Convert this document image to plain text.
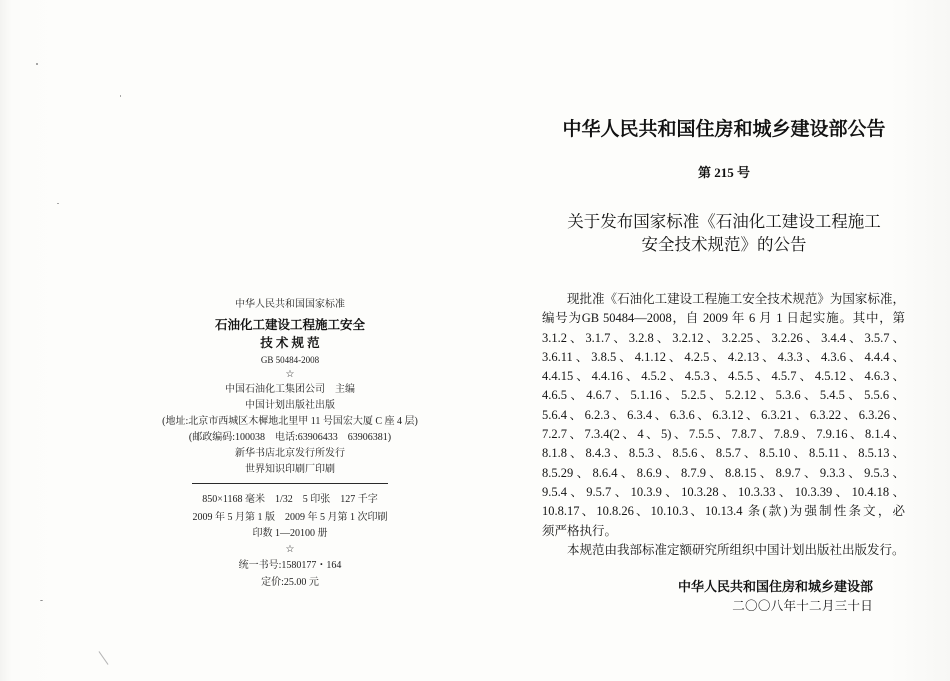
中华人民共和国国家标准
石油化工建设工程施工安全
技 术 规 范
GB 50484-2008
☆
中国石油化工集团公司　主编
中国计划出版社出版
(地址:北京市西城区木樨地北里甲 11 号国宏大厦 C 座 4 层)
(邮政编码:100038　电话:63906433　63906381)
新华书店北京发行所发行
世界知识印刷厂印刷
850×1168 毫米　1/32　5 印张　127 千字
2009 年 5 月第 1 版　2009 年 5 月第 1 次印刷
印数 1—20100 册
☆
统一书号:1580177・164
定价:25.00 元
中华人民共和国住房和城乡建设部公告
第 215 号
关于发布国家标准《石油化工建设工程施工
安全技术规范》的公告
现批准《石油化工建设工程施工安全技术规范》为国家标准，
编号为GB 50484—2008，自 2009 年 6 月 1 日起实施。其中，第
3.1.2、3.1.7、3.2.8、3.2.12、3.2.25、3.2.26、3.4.4、3.5.7、
3.6.11、3.8.5、4.1.12、4.2.5、4.2.13、4.3.3、4.3.6、4.4.4、
4.4.15、4.4.16、4.5.2、4.5.3、4.5.5、4.5.7、4.5.12、4.6.3、
4.6.5、4.6.7、5.1.16、5.2.5、5.2.12、5.3.6、5.4.5、5.5.6、
5.6.4、6.2.3、6.3.4、6.3.6、6.3.12、6.3.21、6.3.22、6.3.26、
7.2.7、7.3.4(2、4、5)、7.5.5、7.8.7、7.8.9、7.9.16、8.1.4、
8.1.8、8.4.3、8.5.3、8.5.6、8.5.7、8.5.10、8.5.11、8.5.13、
8.5.29、8.6.4、8.6.9、8.7.9、8.8.15、8.9.7、9.3.3、9.5.3、
9.5.4、9.5.7、10.3.9、10.3.28、10.3.33、10.3.39、10.4.18、
10.8.17、10.8.26、10.10.3、10.13.4 条(款)为强制性条文，必
须严格执行。
本规范由我部标准定额研究所组织中国计划出版社出版发行。
中华人民共和国住房和城乡建设部
二〇〇八年十二月三十日
